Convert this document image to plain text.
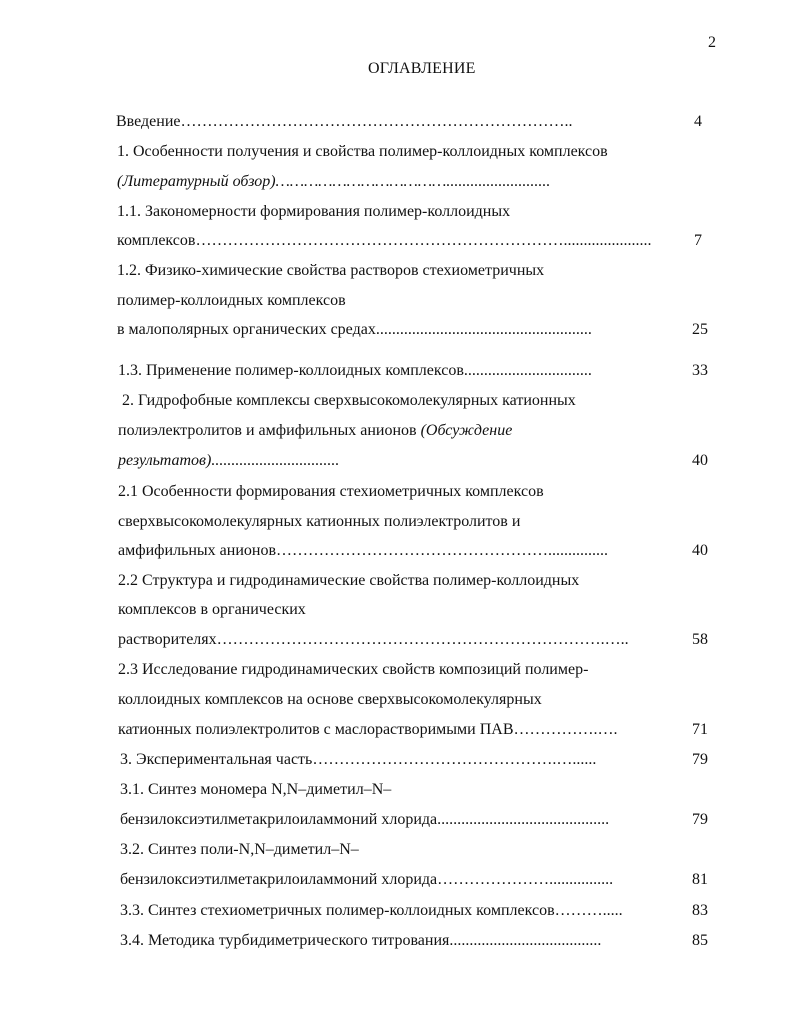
2
ОГЛАВЛЕНИЕ
Введение………………………………………………………………..	4
1. Особенности получения и свойства полимер-коллоидных комплексов
(Литературный обзор)………………………………..........................
1.1. Закономерности формирования полимер-коллоидных
комплексов……………………………………………………………......................	7
1.2. Физико-химические свойства растворов стехиометричных
полимер-коллоидных комплексов
в малополярных органических средах......................................................	25
1.3. Применение полимер-коллоидных комплексов................................	33
2. Гидрофобные комплексы сверхвысокомолекулярных катионных
полиэлектролитов и амфифильных анионов (Обсуждение
результатов)................................	40
2.1 Особенности формирования стехиометричных комплексов
сверхвысокомолекулярных катионных полиэлектролитов и
амфифильных анионов……………………………………………...............	40
2.2 Структура и гидродинамические свойства полимер-коллоидных
комплексов в органических
растворителях……………………………………………………………….…..	58
2.3 Исследование гидродинамических свойств композиций полимер-
коллоидных комплексов на основе сверхвысокомолекулярных
катионных полиэлектролитов с маслорастворимыми ПАВ…………….….	71
3. Экспериментальная часть……………………………………….…......	79
3.1. Синтез мономера N,N–диметил–N–
бензилоксиэтилметакрилоиламмоний хлорида...........................................	79
3.2. Синтез поли-N,N–диметил–N–
бензилоксиэтилметакрилоиламмоний хлорида…………………................	81
3.3. Синтез стехиометричных полимер-коллоидных комплексов……….....	83
3.4. Методика турбидиметрического титрования......................................	85
